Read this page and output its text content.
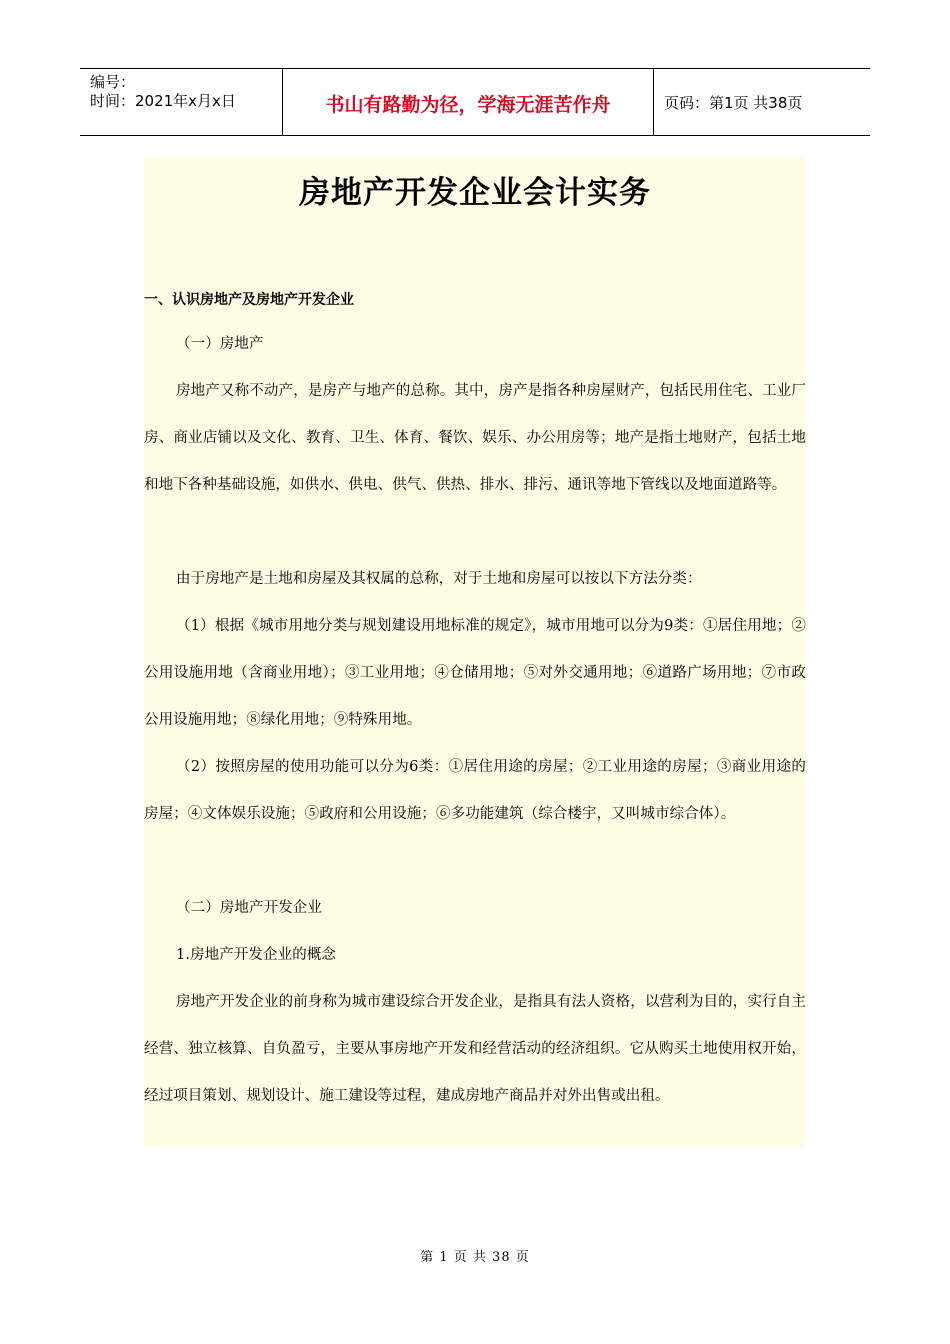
编号：
时间：2021年x月x日	书山有路勤为径，学海无涯苦作舟	页码：第1页 共38页
房地产开发企业会计实务
一、认识房地产及房地产开发企业

（一）房地产

房地产又称不动产，是房产与地产的总称。其中，房产是指各种房屋财产，包括民用住宅、工业厂房、商业店铺以及文化、教育、卫生、体育、餐饮、娱乐、办公用房等；地产是指土地财产，包括土地和地下各种基础设施，如供水、供电、供气、供热、排水、排污、通讯等地下管线以及地面道路等。

由于房地产是土地和房屋及其权属的总称，对于土地和房屋可以按以下方法分类：

（1）根据《城市用地分类与规划建设用地标准的规定》，城市用地可以分为9类：①居住用地；②公用设施用地（含商业用地）；③工业用地；④仓储用地；⑤对外交通用地；⑥道路广场用地；⑦市政公用设施用地；⑧绿化用地；⑨特殊用地。

（2）按照房屋的使用功能可以分为6类：①居住用途的房屋；②工业用途的房屋；③商业用途的房屋；④文体娱乐设施；⑤政府和公用设施；⑥多功能建筑（综合楼宇，又叫城市综合体）。

（二）房地产开发企业

1.房地产开发企业的概念

房地产开发企业的前身称为城市建设综合开发企业，是指具有法人资格，以营利为目的，实行自主经营、独立核算、自负盈亏，主要从事房地产开发和经营活动的经济组织。它从购买土地使用权开始，经过项目策划、规划设计、施工建设等过程，建成房地产商品并对外出售或出租。

第 1 页 共 38 页
